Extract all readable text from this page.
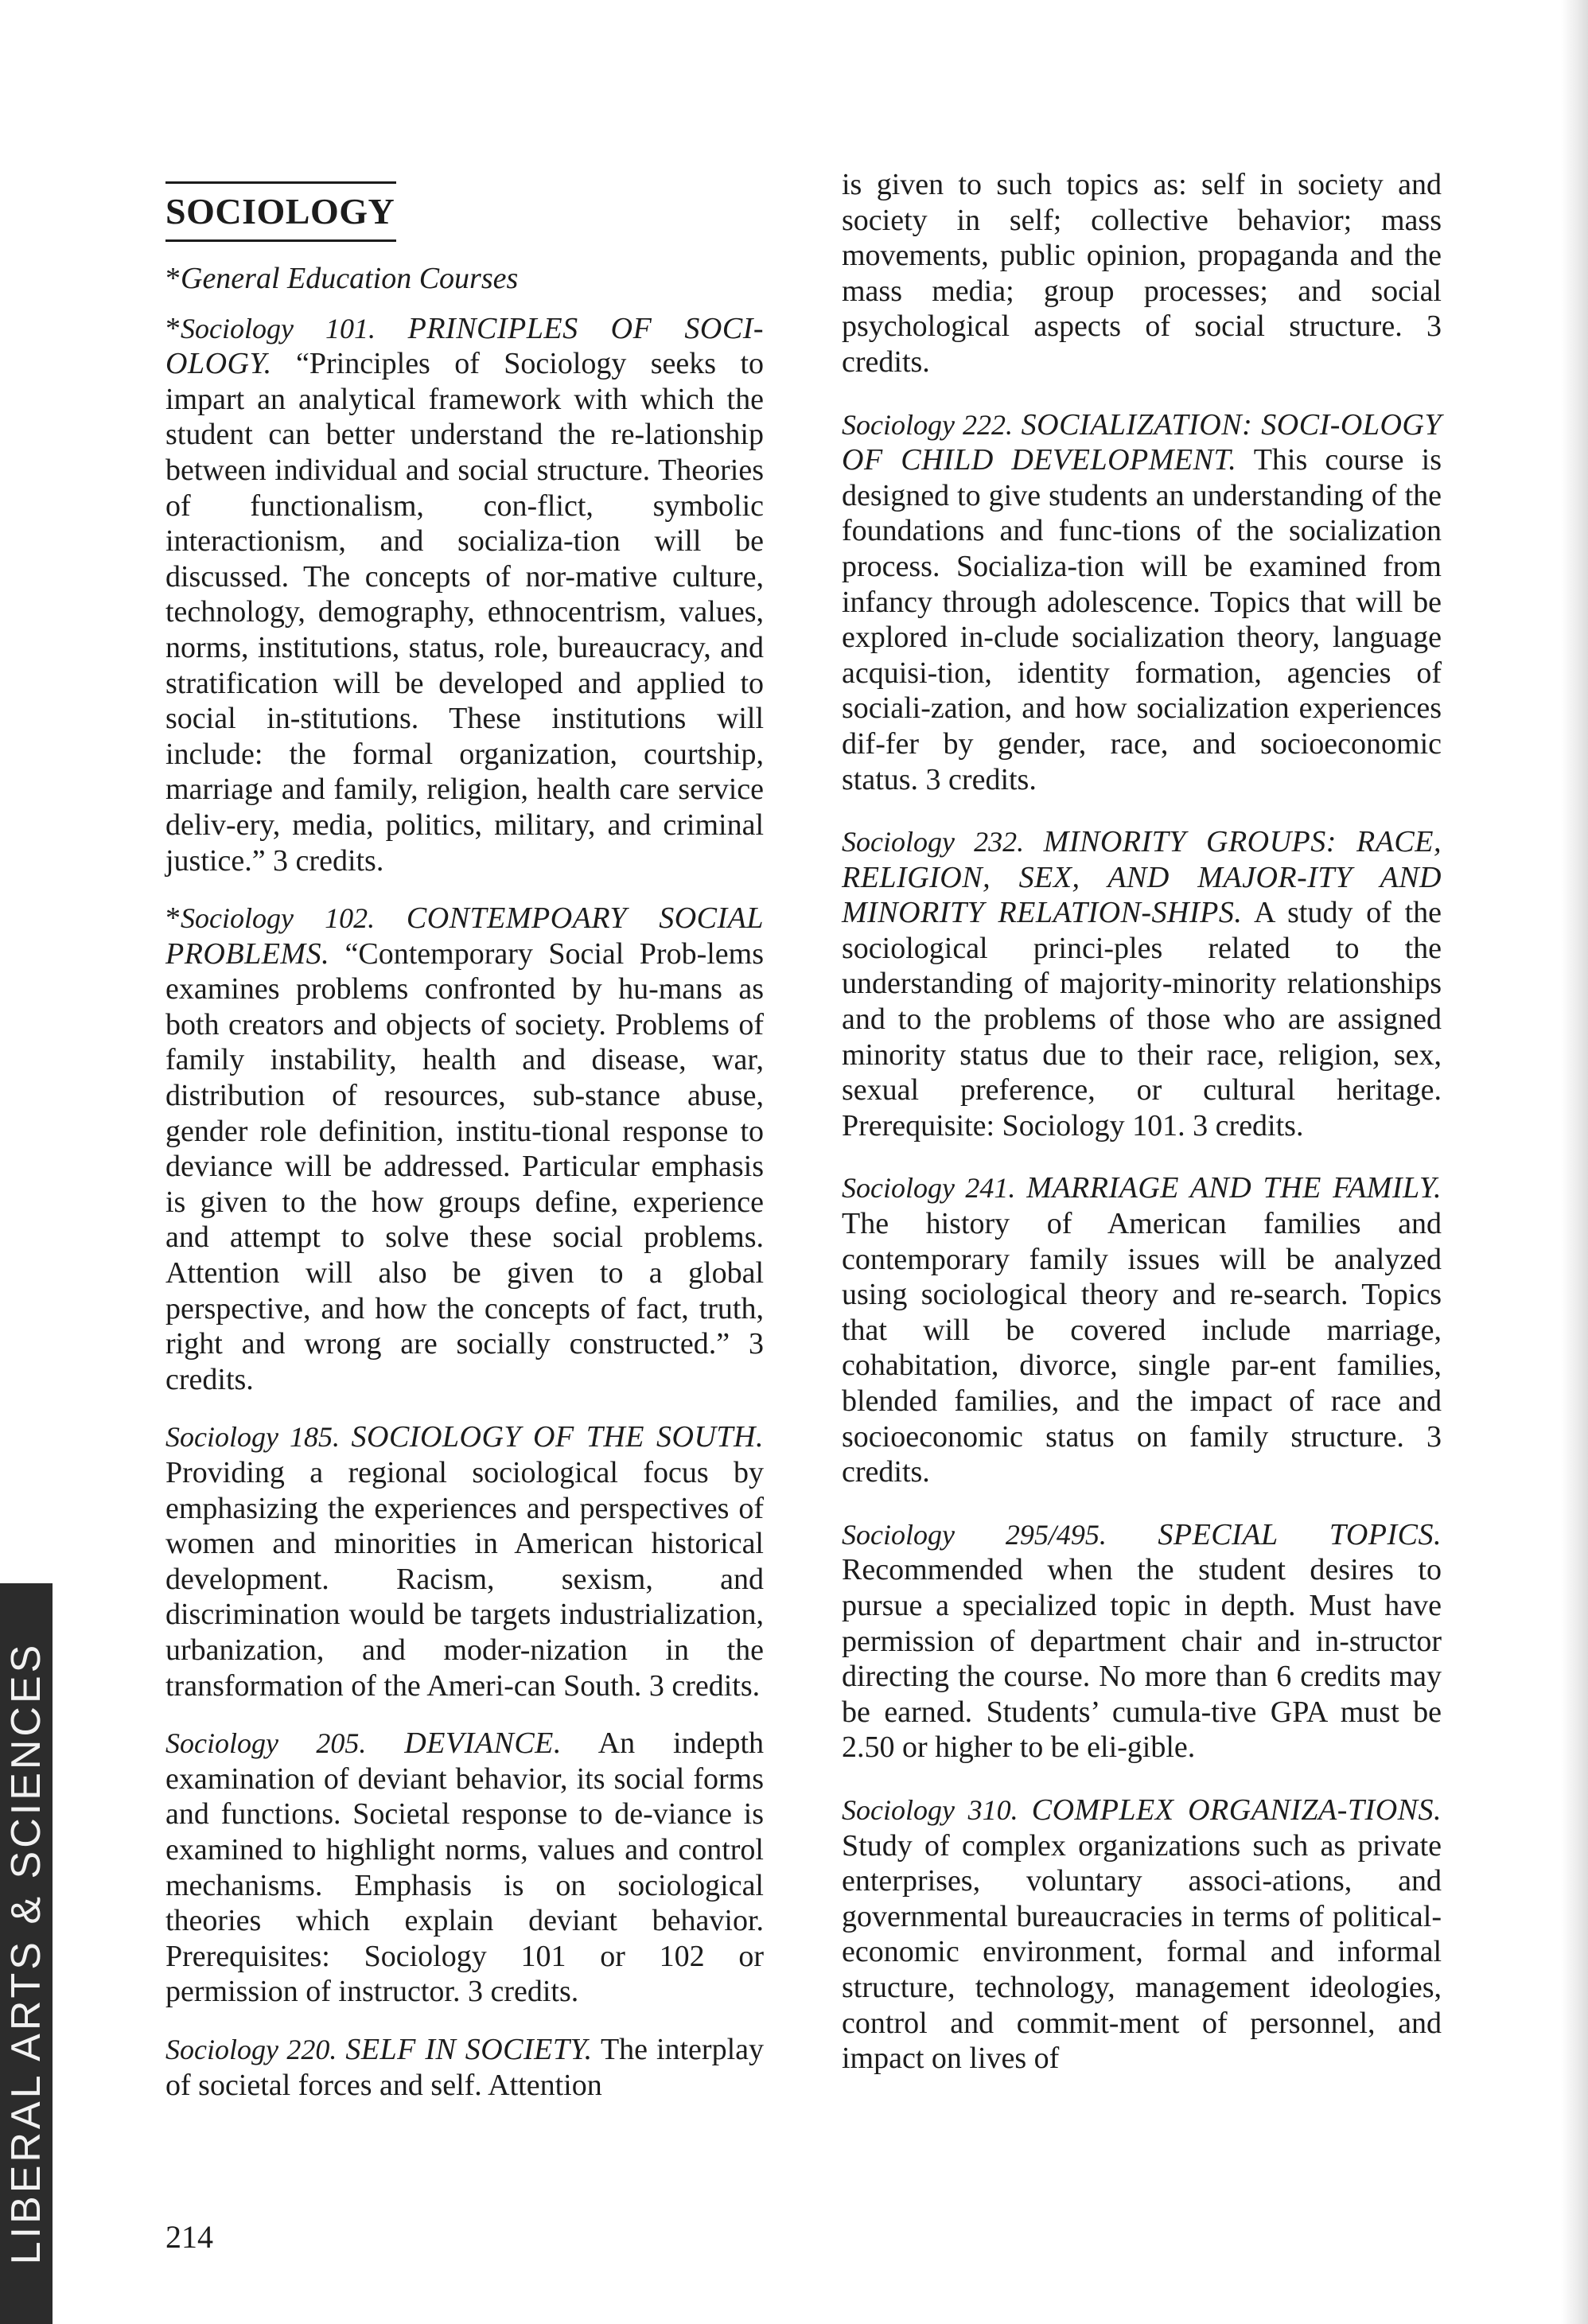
SOCIOLOGY
*General Education Courses
*Sociology 101. PRINCIPLES OF SOCI-OLOGY. “Principles of Sociology seeks to impart an analytical framework with which the student can better understand the re-lationship between individual and social structure. Theories of functionalism, con-flict, symbolic interactionism, and socializa-tion will be discussed. The concepts of nor-mative culture, technology, demography, ethnocentrism, values, norms, institutions, status, role, bureaucracy, and stratification will be developed and applied to social in-stitutions. These institutions will include: the formal organization, courtship, marriage and family, religion, health care service deliv-ery, media, politics, military, and criminal justice.” 3 credits.
*Sociology 102. CONTEMPOARY SOCIAL PROBLEMS. “Contemporary Social Prob-lems examines problems confronted by hu-mans as both creators and objects of society. Problems of family instability, health and disease, war, distribution of resources, sub-stance abuse, gender role definition, institu-tional response to deviance will be addressed. Particular emphasis is given to the how groups define, experience and attempt to solve these social problems. Attention will also be given to a global perspective, and how the concepts of fact, truth, right and wrong are socially constructed.” 3 credits.
Sociology 185. SOCIOLOGY OF THE SOUTH. Providing a regional sociological focus by emphasizing the experiences and perspectives of women and minorities in American historical development. Racism, sexism, and discrimination would be targets industrialization, urbanization, and moder-nization in the transformation of the Ameri-can South. 3 credits.
Sociology 205. DEVIANCE. An indepth examination of deviant behavior, its social forms and functions. Societal response to de-viance is examined to highlight norms, values and control mechanisms. Emphasis is on sociological theories which explain deviant behavior. Prerequisites: Sociology 101 or 102 or permission of instructor. 3 credits.
Sociology 220. SELF IN SOCIETY. The interplay of societal forces and self. Attention
is given to such topics as: self in society and society in self; collective behavior; mass movements, public opinion, propaganda and the mass media; group processes; and social psychological aspects of social structure. 3 credits.
Sociology 222. SOCIALIZATION: SOCI-OLOGY OF CHILD DEVELOPMENT. This course is designed to give students an understanding of the foundations and func-tions of the socialization process. Socializa-tion will be examined from infancy through adolescence. Topics that will be explored in-clude socialization theory, language acquisi-tion, identity formation, agencies of sociali-zation, and how socialization experiences dif-fer by gender, race, and socioeconomic status. 3 credits.
Sociology 232. MINORITY GROUPS: RACE, RELIGION, SEX, AND MAJOR-ITY AND MINORITY RELATION-SHIPS. A study of the sociological princi-ples related to the understanding of majority-minority relationships and to the problems of those who are assigned minority status due to their race, religion, sex, sexual preference, or cultural heritage. Prerequisite: Sociology 101. 3 credits.
Sociology 241. MARRIAGE AND THE FAMILY. The history of American families and contemporary family issues will be analyzed using sociological theory and re-search. Topics that will be covered include marriage, cohabitation, divorce, single par-ent families, blended families, and the impact of race and socioeconomic status on family structure. 3 credits.
Sociology 295/495. SPECIAL TOPICS. Recommended when the student desires to pursue a specialized topic in depth. Must have permission of department chair and in-structor directing the course. No more than 6 credits may be earned. Students’ cumula-tive GPA must be 2.50 or higher to be eli-gible.
Sociology 310. COMPLEX ORGANIZA-TIONS. Study of complex organizations such as private enterprises, voluntary associ-ations, and governmental bureaucracies in terms of political-economic environment, formal and informal structure, technology, management ideologies, control and commit-ment of personnel, and impact on lives of
LIBERAL ARTS & SCIENCES	214
